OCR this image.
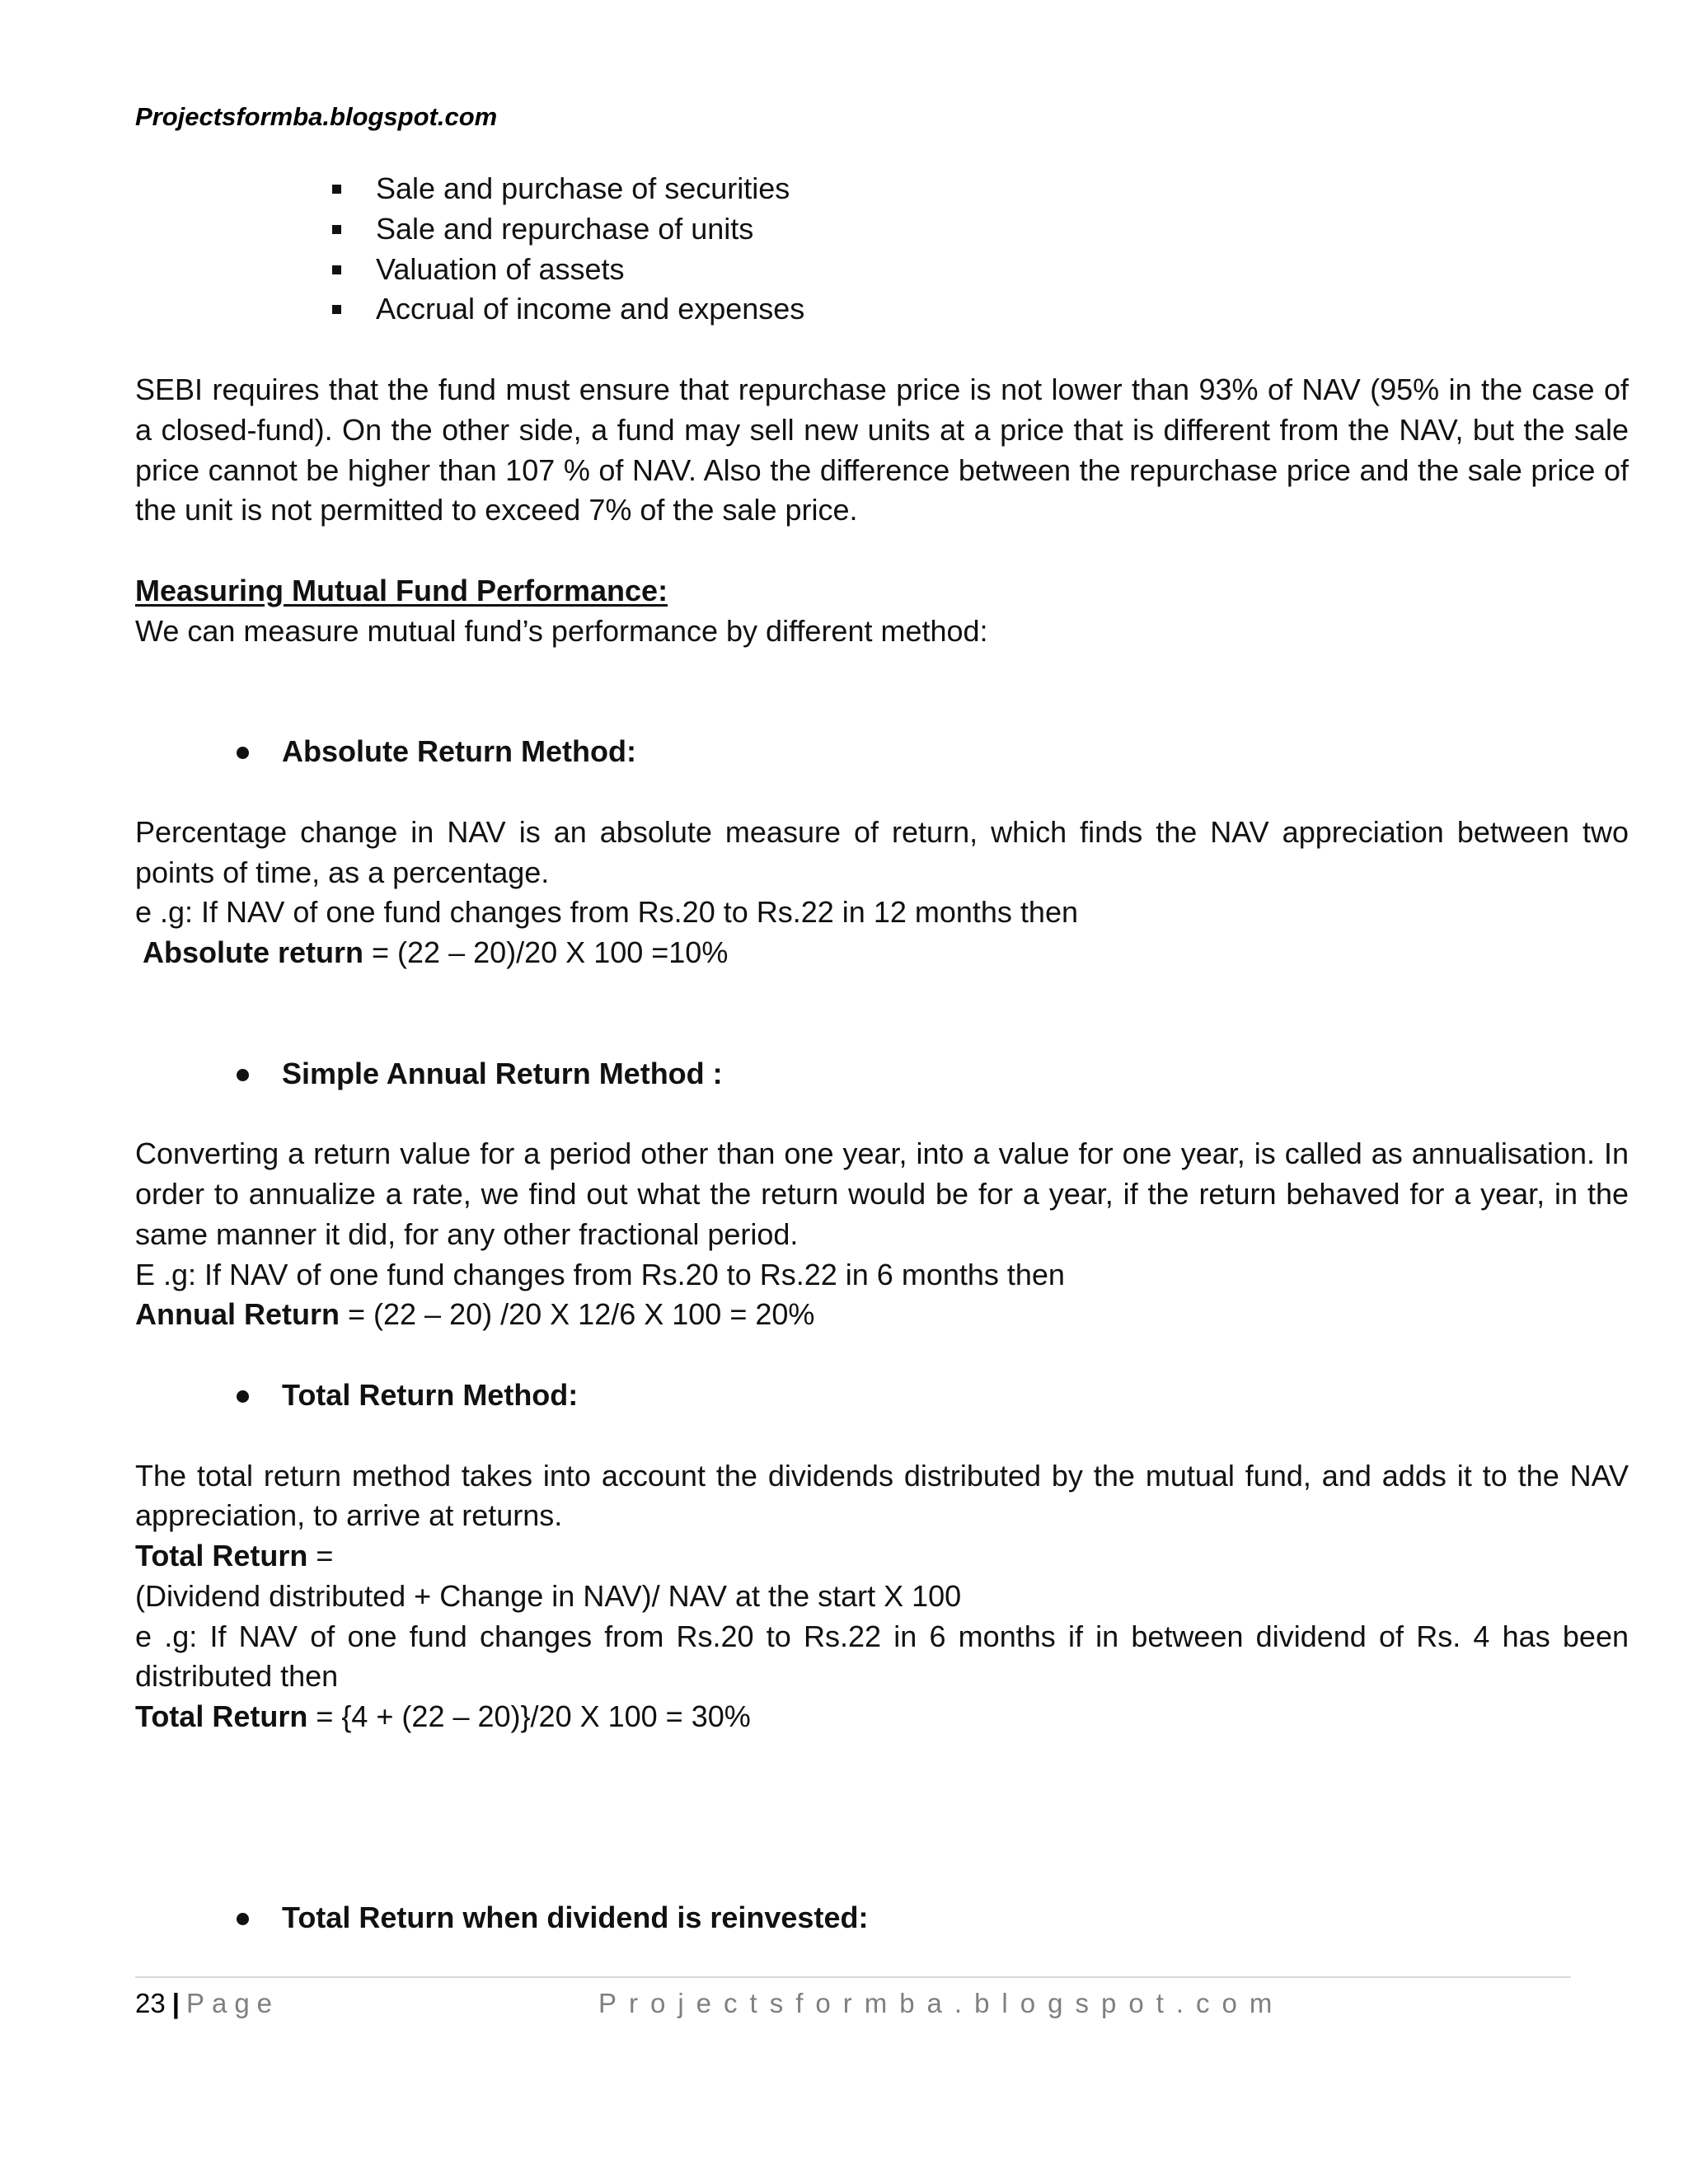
Projectsformba.blogspot.com
Sale and purchase of securities
Sale and repurchase of units
Valuation of assets
Accrual of income and expenses

SEBI requires that the fund must ensure that repurchase price is not lower than 93% of NAV (95% in the case of a closed-fund). On the other side, a fund may sell new units at a price that is different from the NAV, but the sale price cannot be higher than 107 % of NAV. Also the difference between the repurchase price and the sale price of the unit is not permitted to exceed 7% of the sale price.

Measuring Mutual Fund Performance:

We can measure mutual fund’s performance by different method:

Absolute Return Method:

Percentage change in NAV is an absolute measure of return, which finds the NAV appreciation between two points of time, as a percentage.

e .g: If NAV of one fund changes from Rs.20 to Rs.22 in 12 months then

Absolute return = (22 – 20)/20 X 100 =10%

Simple Annual Return Method :

Converting a return value for a period other than one year, into a value for one year, is called as annualisation. In order to annualize a rate, we find out what the return would be for a year, if the return behaved for a year, in the same manner it did, for any other fractional period.

E .g: If NAV of one fund changes from Rs.20 to Rs.22 in 6 months then

Annual Return = (22 – 20) /20 X 12/6 X 100 = 20%

Total Return Method:

The total return method takes into account the dividends distributed by the mutual fund, and adds it to the NAV appreciation, to arrive at returns.

Total Return =

(Dividend distributed + Change in NAV)/ NAV at the start X 100

e .g: If NAV of one fund changes from Rs.20 to Rs.22 in 6 months if in between dividend of Rs. 4 has been distributed then

Total Return = {4 + (22 – 20)}/20 X 100 = 30%

Total Return when dividend is reinvested:

23 | Page	Projectsformba.blogspot.com
